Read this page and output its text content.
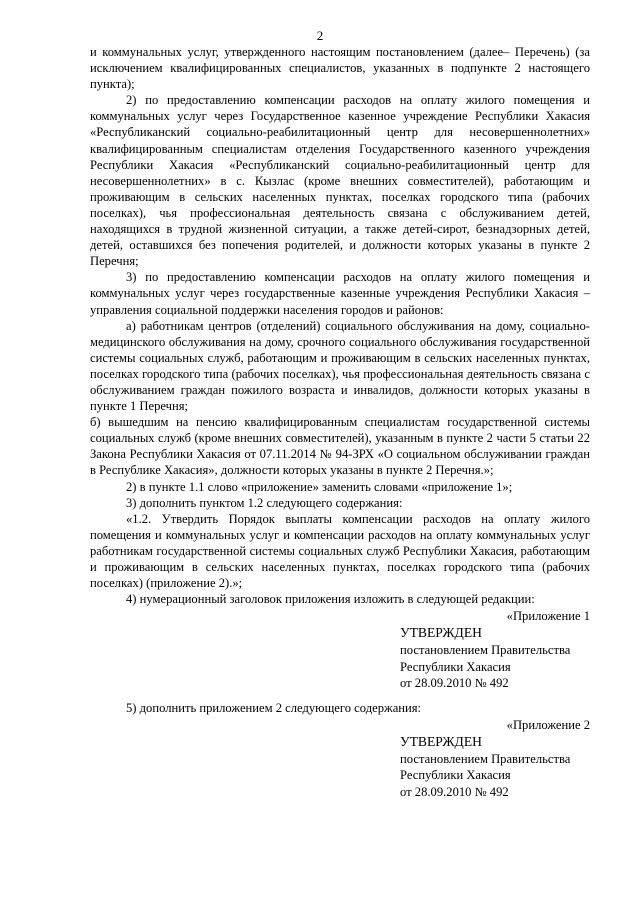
2

и коммунальных услуг, утвержденного настоящим постановлением (далее– Перечень) (за исключением квалифицированных специалистов, указанных в подпункте 2 настоящего пункта);

2) по предоставлению компенсации расходов на оплату жилого помещения и коммунальных услуг через Государственное казенное учреждение Республики Хакасия «Республиканский социально-реабилитационный центр для несовершеннолетних» квалифицированным специалистам отделения Государственного казенного учреждения Республики Хакасия «Республиканский социально-реабилитационный центр для несовершеннолетних» в с. Кызлас (кроме внешних совместителей), работающим и проживающим в сельских населенных пунктах, поселках городского типа (рабочих поселках), чья профессиональная деятельность связана с обслуживанием детей, находящихся в трудной жизненной ситуации, а также детей-сирот, безнадзорных детей, детей, оставшихся без попечения родителей, и должности которых указаны в пункте 2 Перечня;

3) по предоставлению компенсации расходов на оплату жилого помещения и коммунальных услуг через государственные казенные учреждения Республики Хакасия – управления социальной поддержки населения городов и районов:

а) работникам центров (отделений) социального обслуживания на дому, социально-медицинского обслуживания на дому, срочного социального обслуживания государственной системы социальных служб, работающим и проживающим в сельских населенных пунктах, поселках городского типа (рабочих поселках), чья профессиональная деятельность связана с обслуживанием граждан пожилого возраста и инвалидов, должности которых указаны в пункте 1 Перечня;

б) вышедшим на пенсию квалифицированным специалистам государственной системы социальных служб (кроме внешних совместителей), указанным в пункте 2 части 5 статьи 22 Закона Республики Хакасия от 07.11.2014 № 94-ЗРХ «О социальном обслуживании граждан в Республике Хакасия», должности которых указаны в пункте 2 Перечня.»;

2) в пункте 1.1 слово «приложение» заменить словами «приложение 1»;

3) дополнить пунктом 1.2 следующего содержания:

«1.2. Утвердить Порядок выплаты компенсации расходов на оплату жилого помещения и коммунальных услуг и компенсации расходов на оплату коммунальных услуг работникам государственной системы социальных служб Республики Хакасия, работающим и проживающим в сельских населенных пунктах, поселках городского типа (рабочих поселках) (приложение 2).»;

4) нумерационный заголовок приложения изложить в следующей редакции:

«Приложение 1

УТВЕРЖДЕН
постановлением Правительства
Республики Хакасия
от 28.09.2010 № 492

5) дополнить приложением 2 следующего содержания:

«Приложение 2

УТВЕРЖДЕН
постановлением Правительства
Республики Хакасия
от 28.09.2010 № 492
